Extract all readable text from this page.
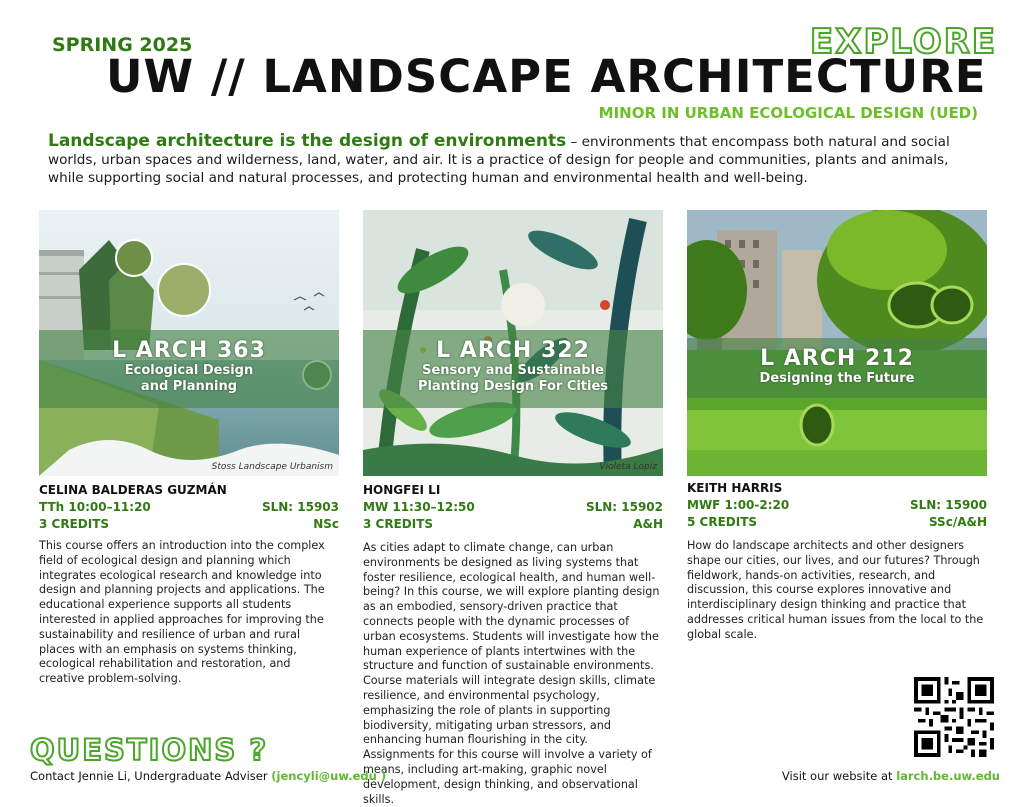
SPRING 2025	EXPLORE
UW // LANDSCAPE ARCHITECTURE
MINOR IN URBAN ECOLOGICAL DESIGN (UED)
Landscape architecture is the design of environments – environments that encompass both natural and social worlds, urban spaces and wilderness, land, water, and air. It is a practice of design for people and communities, plants and animals, while supporting social and natural processes, and protecting human and environmental health and well-being.
L ARCH 363
Ecological Design
and Planning
Stoss Landscape Urbanism
L ARCH 322
Sensory and Sustainable
Planting Design For Cities
Violeta Lopiz
L ARCH 212
Designing the Future
CELINA BALDERAS GUZMÁN
TTh 10:00–11:20	SLN: 15903
3 CREDITS	NSc
This course offers an introduction into the complex field of ecological design and planning which integrates ecological research and knowledge into design and planning projects and applications. The educational experience supports all students interested in applied approaches for improving the sustainability and resilience of urban and rural places with an emphasis on systems thinking, ecological rehabilitation and restoration, and creative problem-solving.
HONGFEI LI
MW 11:30–12:50	SLN: 15902
3 CREDITS	A&H
As cities adapt to climate change, can urban environments be designed as living systems that foster resilience, ecological health, and human well-being? In this course, we will explore planting design as an embodied, sensory-driven practice that connects people with the dynamic processes of urban ecosystems. Students will investigate how the human experience of plants intertwines with the structure and function of sustainable environments. Course materials will integrate design skills, climate resilience, and environmental psychology, emphasizing the role of plants in supporting biodiversity, mitigating urban stressors, and enhancing human flourishing in the city. Assignments for this course will involve a variety of means, including art-making, graphic novel development, design thinking, and observational skills.
KEITH HARRIS
MWF 1:00-2:20	SLN: 15900
5 CREDITS	SSc/A&H
How do landscape architects and other designers shape our cities, our lives, and our futures? Through fieldwork, hands-on activities, research, and discussion, this course explores innovative and interdisciplinary design thinking and practice that addresses critical human issues from the local to the global scale.
QUESTIONS ?
Contact Jennie Li, Undergraduate Adviser (jencyli@uw.edu )	Visit our website at larch.be.uw.edu
